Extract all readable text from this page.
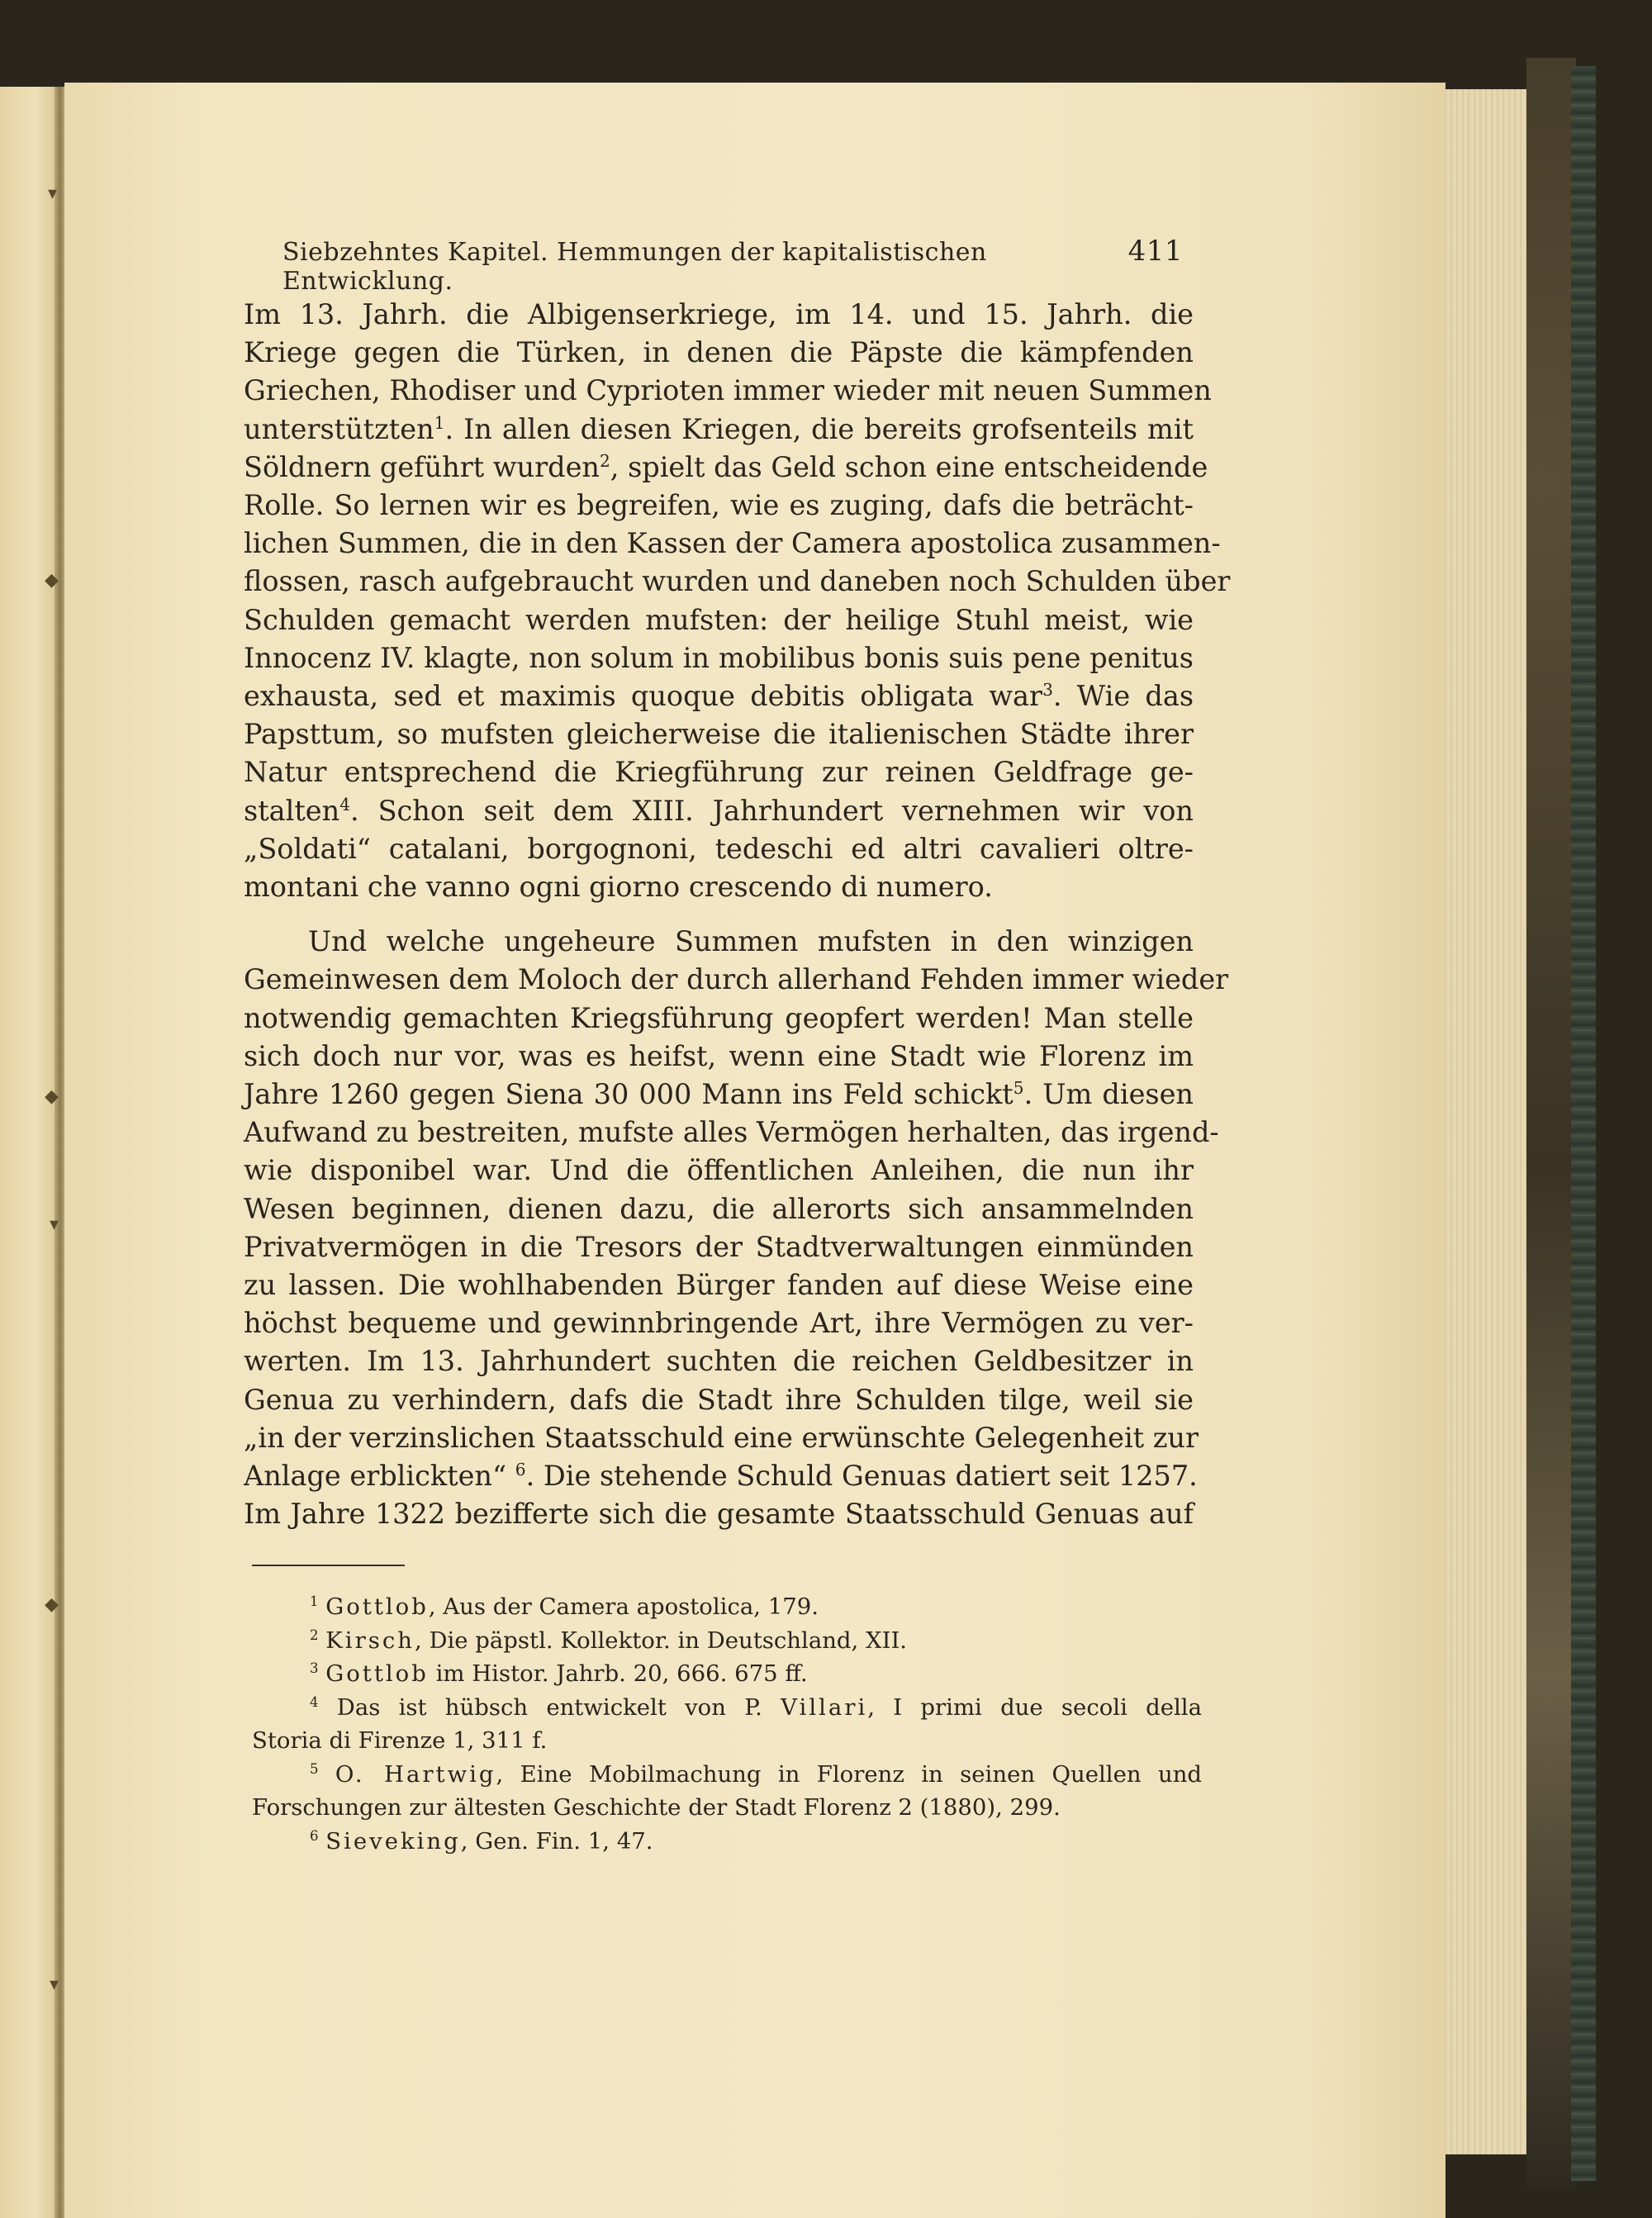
▾
◆
◆
▾
◆
▾
Siebzehntes Kapitel. Hemmungen der kapitalistischen Entwicklung.
411
Im 13. Jahrh. die Albigenserkriege, im 14. und 15. Jahrh. die
Kriege gegen die Türken, in denen die Päpste die kämpfenden
Griechen, Rhodiser und Cyprioten immer wieder mit neuen Summen
unterstützten$^1$. In allen diesen Kriegen, die bereits grofsenteils mit
Söldnern geführt wurden$^2$, spielt das Geld schon eine entscheidende
Rolle. So lernen wir es begreifen, wie es zuging, dafs die beträcht-
lichen Summen, die in den Kassen der Camera apostolica zusammen-
flossen, rasch aufgebraucht wurden und daneben noch Schulden über
Schulden gemacht werden mufsten: der heilige Stuhl meist, wie
Innocenz IV. klagte, non solum in mobilibus bonis suis pene penitus
exhausta, sed et maximis quoque debitis obligata war$^3$. Wie das
Papsttum, so mufsten gleicherweise die italienischen Städte ihrer
Natur entsprechend die Kriegführung zur reinen Geldfrage ge-
stalten$^4$. Schon seit dem XIII. Jahrhundert vernehmen wir von
„Soldati“ catalani, borgognoni, tedeschi ed altri cavalieri oltre-
montani che vanno ogni giorno crescendo di numero.
Und welche ungeheure Summen mufsten in den winzigen
Gemeinwesen dem Moloch der durch allerhand Fehden immer wieder
notwendig gemachten Kriegsführung geopfert werden! Man stelle
sich doch nur vor, was es heifst, wenn eine Stadt wie Florenz im
Jahre 1260 gegen Siena 30 000 Mann ins Feld schickt$^5$. Um diesen
Aufwand zu bestreiten, mufste alles Vermögen herhalten, das irgend-
wie disponibel war. Und die öffentlichen Anleihen, die nun ihr
Wesen beginnen, dienen dazu, die allerorts sich ansammelnden
Privatvermögen in die Tresors der Stadtverwaltungen einmünden
zu lassen. Die wohlhabenden Bürger fanden auf diese Weise eine
höchst bequeme und gewinnbringende Art, ihre Vermögen zu ver-
werten. Im 13. Jahrhundert suchten die reichen Geldbesitzer in
Genua zu verhindern, dafs die Stadt ihre Schulden tilge, weil sie
„in der verzinslichen Staatsschuld eine erwünschte Gelegenheit zur
Anlage erblickten“ $^6$. Die stehende Schuld Genuas datiert seit 1257.
Im Jahre 1322 bezifferte sich die gesamte Staatsschuld Genuas auf
$^1$ Gottlob, Aus der Camera apostolica, 179.
$^2$ Kirsch, Die päpstl. Kollektor. in Deutschland, XII.
$^3$ Gottlob im Histor. Jahrb. 20, 666. 675 ff.
$^4$ Das ist hübsch entwickelt von P. Villari, I primi due secoli della
Storia di Firenze 1, 311 f.
$^5$ O. Hartwig, Eine Mobilmachung in Florenz in seinen Quellen und
Forschungen zur ältesten Geschichte der Stadt Florenz 2 (1880), 299.
$^6$ Sieveking, Gen. Fin. 1, 47.
